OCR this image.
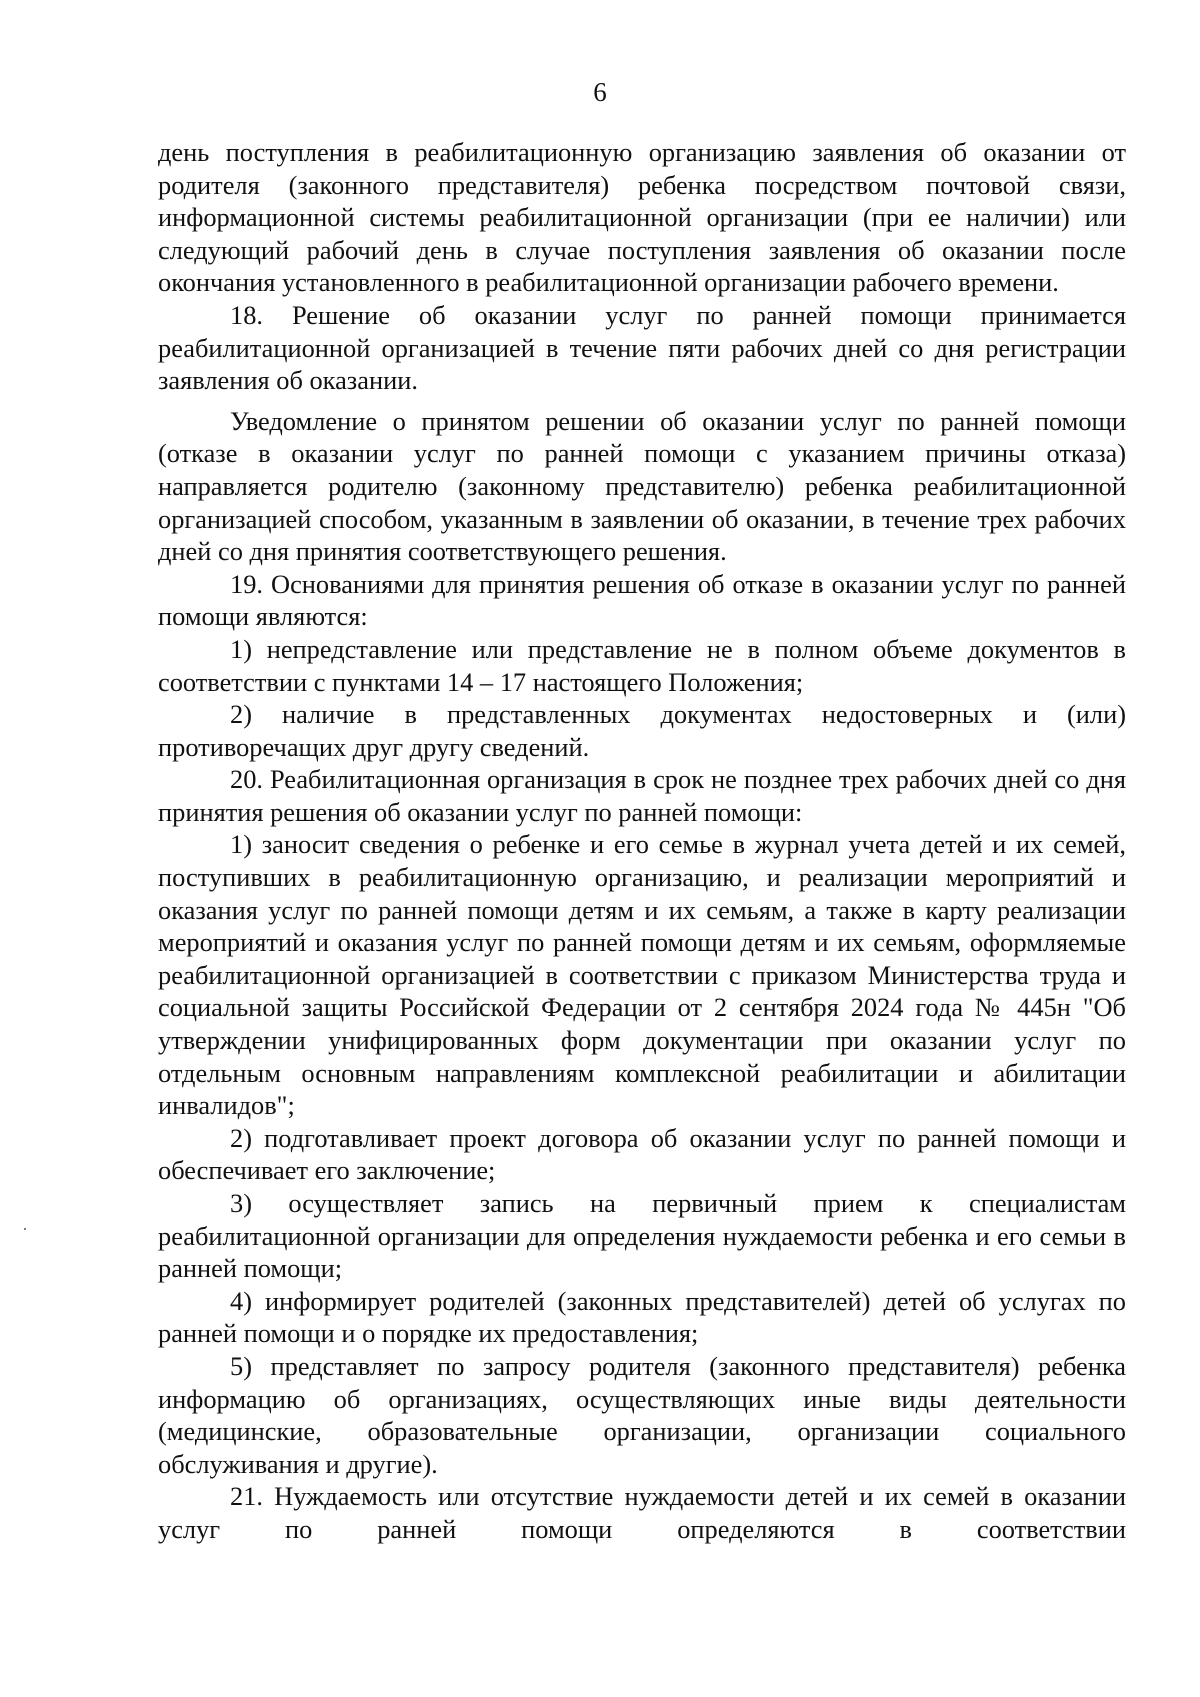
6

день поступления в реабилитационную организацию заявления об оказании от родителя (законного представителя) ребенка посредством почтовой связи, информационной системы реабилитационной организации (при ее наличии) или следующий рабочий день в случае поступления заявления об оказании после окончания установленного в реабилитационной организации рабочего времени.

18. Решение об оказании услуг по ранней помощи принимается реабилитационной организацией в течение пяти рабочих дней со дня регистрации заявления об оказании.

Уведомление о принятом решении об оказании услуг по ранней помощи (отказе в оказании услуг по ранней помощи с указанием причины отказа) направляется родителю (законному представителю) ребенка реабилитационной организацией способом, указанным в заявлении об оказании, в течение трех рабочих дней со дня принятия соответствующего решения.

19. Основаниями для принятия решения об отказе в оказании услуг по ранней помощи являются:

1) непредставление или представление не в полном объеме документов в соответствии с пунктами 14 – 17 настоящего Положения;

2) наличие в представленных документах недостоверных и (или) противоречащих друг другу сведений.

20. Реабилитационная организация в срок не позднее трех рабочих дней со дня принятия решения об оказании услуг по ранней помощи:

1) заносит сведения о ребенке и его семье в журнал учета детей и их семей, поступивших в реабилитационную организацию, и реализации мероприятий и оказания услуг по ранней помощи детям и их семьям, а также в карту реализации мероприятий и оказания услуг по ранней помощи детям и их семьям, оформляемые реабилитационной организацией в соответствии с приказом Министерства труда и социальной защиты Российской Федерации от 2 сентября 2024 года № 445н "Об утверждении унифицированных форм документации при оказании услуг по отдельным основным направлениям комплексной реабилитации и абилитации инвалидов";

2) подготавливает проект договора об оказании услуг по ранней помощи и обеспечивает его заключение;

3) осуществляет запись на первичный прием к специалистам реабилитационной организации для определения нуждаемости ребенка и его семьи в ранней помощи;

4) информирует родителей (законных представителей) детей об услугах по ранней помощи и о порядке их предоставления;

5) представляет по запросу родителя (законного представителя) ребенка информацию об организациях, осуществляющих иные виды деятельности (медицинские, образовательные организации, организации социального обслуживания и другие).

21. Нуждаемость или отсутствие нуждаемости детей и их семей в оказании услуг по ранней помощи определяются в соответствии
